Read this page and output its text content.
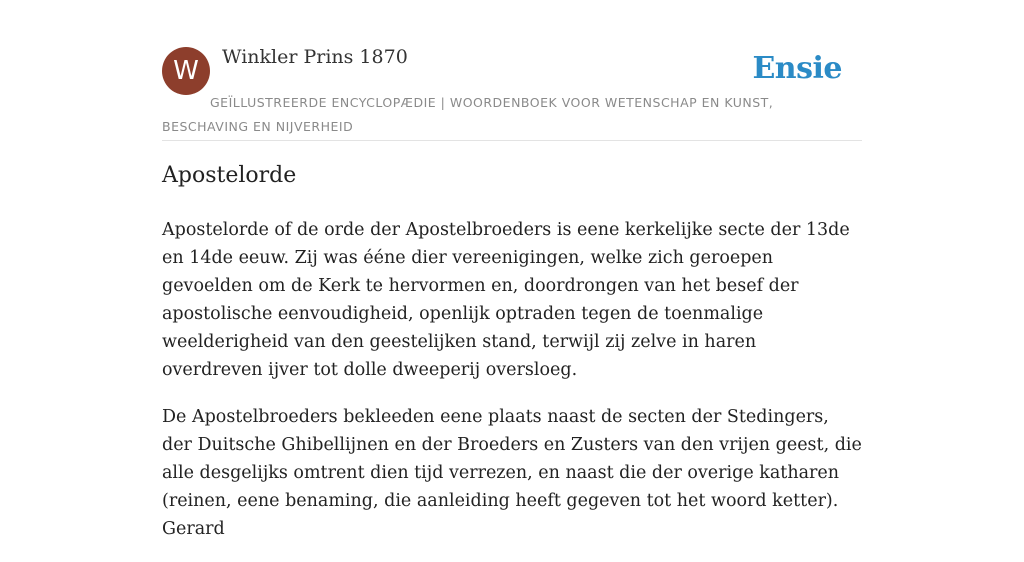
W	Winkler Prins 1870	Ensie
GEÏLLUSTREERDE ENCYCLOPÆDIE | WOORDENBOEK VOOR WETENSCHAP EN KUNST, BESCHAVING EN NIJVERHEID
Apostelorde

Apostelorde of de orde der Apostelbroeders is eene kerkelijke secte der 13de en 14de eeuw. Zij was ééne dier vereenigingen, welke zich geroepen gevoelden om de Kerk te hervormen en, doordrongen van het besef der apostolische eenvoudigheid, openlijk optraden tegen de toenmalige weelderigheid van den geestelijken stand, terwijl zij zelve in haren overdreven ijver tot dolle dweeperij oversloeg.

De Apostelbroeders bekleeden eene plaats naast de secten der Stedingers, der Duitsche Ghibellijnen en der Broeders en Zusters van den vrijen geest, die alle desgelijks omtrent dien tijd verrezen, en naast die der overige katharen (reinen, eene benaming, die aanleiding heeft gegeven tot het woord ketter). Gerard
